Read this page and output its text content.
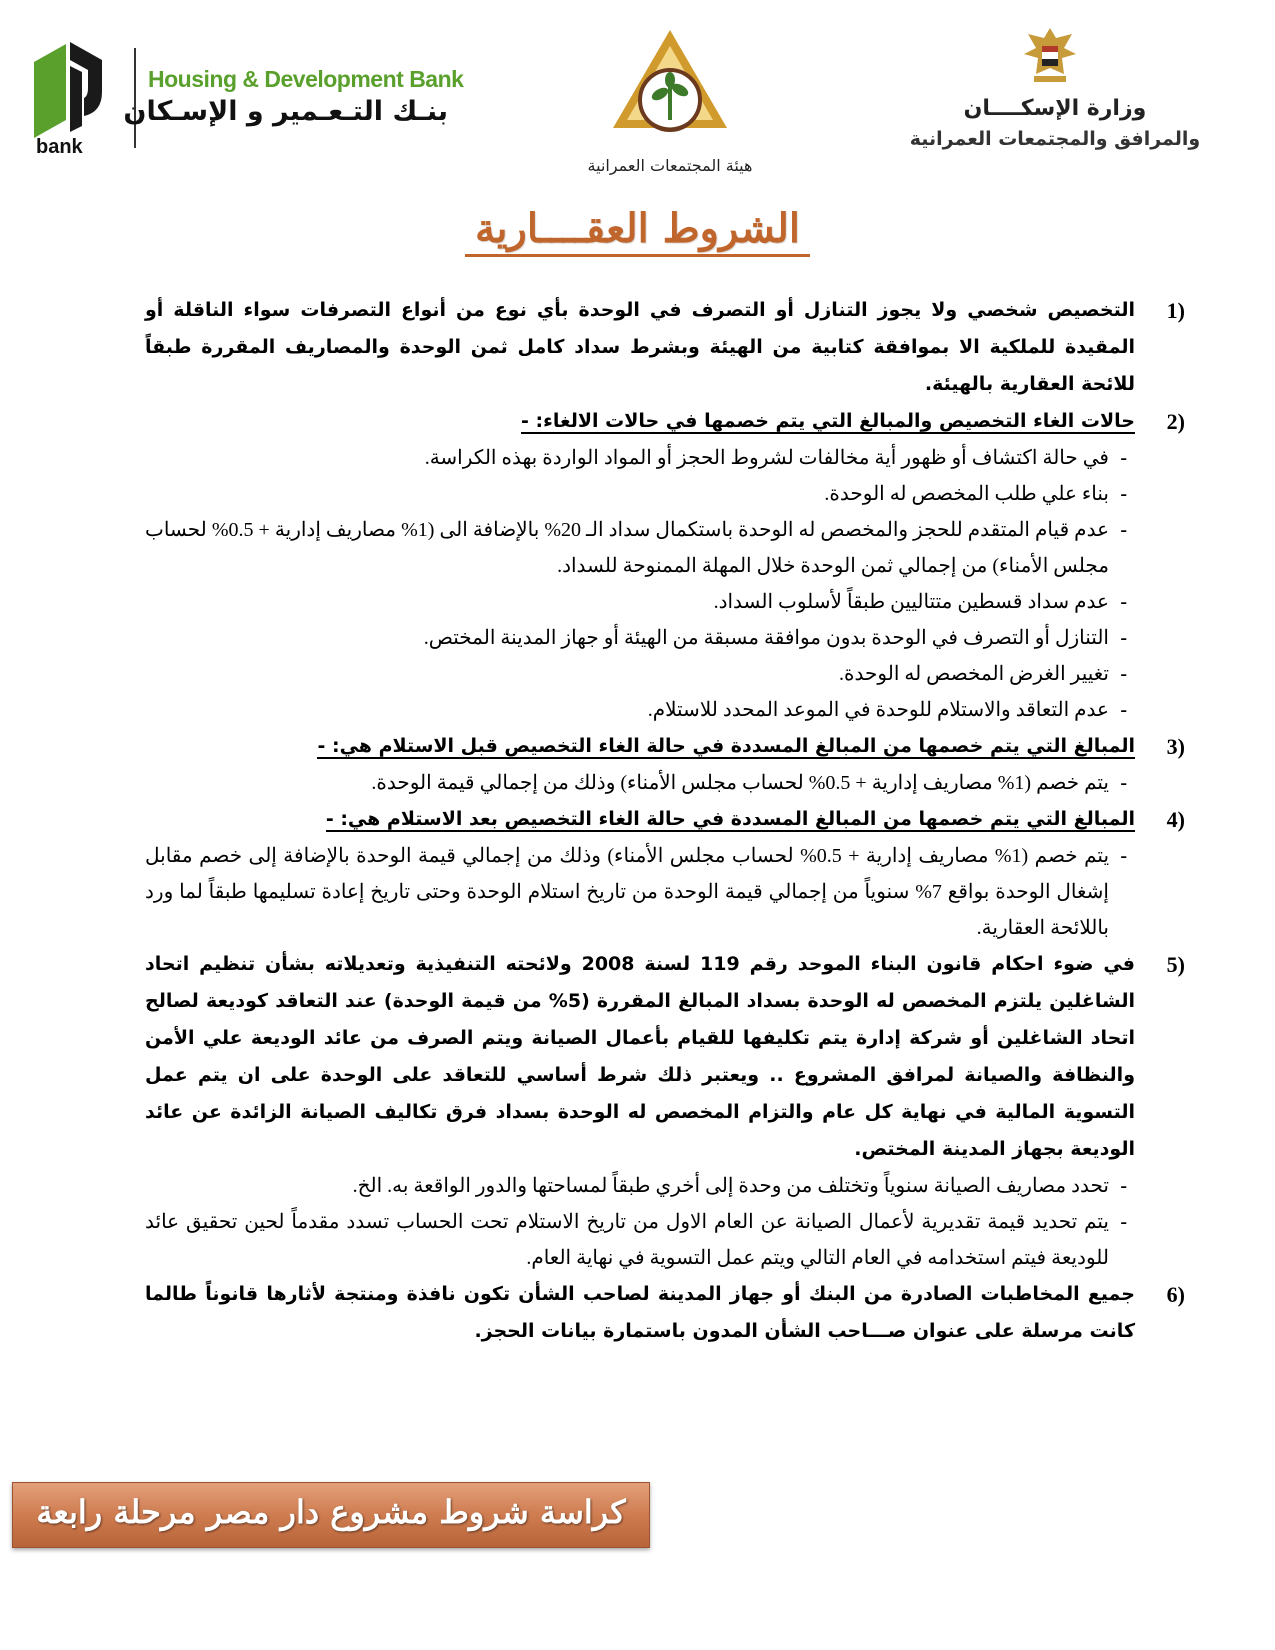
Housing & Development Bank
بنـك التـعـمير و الإسـكان
bank
هيئة المجتمعات العمرانية
وزارة الإسكــــان
والمرافق والمجتمعات العمرانية
الشروط العقــــارية
1)

التخصيص شخصي ولا يجوز التنازل أو التصرف في الوحدة بأي نوع من أنواع التصرفات سواء الناقلة أو المقيدة للملكية الا بموافقة كتابية من الهيئة وبشرط سداد كامل ثمن الوحدة والمصاريف المقررة طبقاً للائحة العقارية بالهيئة.

2)

حالات الغاء التخصيص والمبالغ التي يتم خصمها في حالات الالغاء: -

- في حالة اكتشاف أو ظهور أية مخالفات لشروط الحجز أو المواد الواردة بهذه الكراسة.
- بناء علي طلب المخصص له الوحدة.
- عدم قيام المتقدم للحجز والمخصص له الوحدة باستكمال سداد الـ 20% بالإضافة الى (1% مصاريف إدارية + 0.5% لحساب مجلس الأمناء) من إجمالي ثمن الوحدة خلال المهلة الممنوحة للسداد.
- عدم سداد قسطين متتاليين طبقاً لأسلوب السداد.
- التنازل أو التصرف في الوحدة بدون موافقة مسبقة من الهيئة أو جهاز المدينة المختص.
- تغيير الغرض المخصص له الوحدة.
- عدم التعاقد والاستلام للوحدة في الموعد المحدد للاستلام.
3)

المبالغ التي يتم خصمها من المبالغ المسددة في حالة الغاء التخصيص قبل الاستلام هي: -

- يتم خصم (1% مصاريف إدارية + 0.5% لحساب مجلس الأمناء) وذلك من إجمالي قيمة الوحدة.
4)

المبالغ التي يتم خصمها من المبالغ المسددة في حالة الغاء التخصيص بعد الاستلام هي: -

- يتم خصم (1% مصاريف إدارية + 0.5% لحساب مجلس الأمناء) وذلك من إجمالي قيمة الوحدة بالإضافة إلى خصم مقابل إشغال الوحدة بواقع 7% سنوياً من إجمالي قيمة الوحدة من تاريخ استلام الوحدة وحتى تاريخ إعادة تسليمها طبقاً لما ورد باللائحة العقارية.
5)

في ضوء احكام قانون البناء الموحد رقم 119 لسنة 2008 ولائحته التنفيذية وتعديلاته بشأن تنظيم اتحاد الشاغلين يلتزم المخصص له الوحدة بسداد المبالغ المقررة (5% من قيمة الوحدة) عند التعاقد كوديعة لصالح اتحاد الشاغلين أو شركة إدارة يتم تكليفها للقيام بأعمال الصيانة ويتم الصرف من عائد الوديعة علي الأمن والنظافة والصيانة لمرافق المشروع .. ويعتبر ذلك شرط أساسي للتعاقد على الوحدة على ان يتم عمل التسوية المالية في نهاية كل عام والتزام المخصص له الوحدة بسداد فرق تكاليف الصيانة الزائدة عن عائد الوديعة بجهاز المدينة المختص.

- تحدد مصاريف الصيانة سنوياً وتختلف من وحدة إلى أخري طبقاً لمساحتها والدور الواقعة به. الخ.
- يتم تحديد قيمة تقديرية لأعمال الصيانة عن العام الاول من تاريخ الاستلام تحت الحساب تسدد مقدماً لحين تحقيق عائد للوديعة فيتم استخدامه في العام التالي ويتم عمل التسوية في نهاية العام.
6)

جميع المخاطبات الصادرة من البنك أو جهاز المدينة لصاحب الشأن تكون نافذة ومنتجة لأثارها قانوناً طالما كانت مرسلة على عنوان صـــاحب الشأن المدون باستمارة بيانات الحجز.

كراسة شروط مشروع دار مصر مرحلة رابعة
